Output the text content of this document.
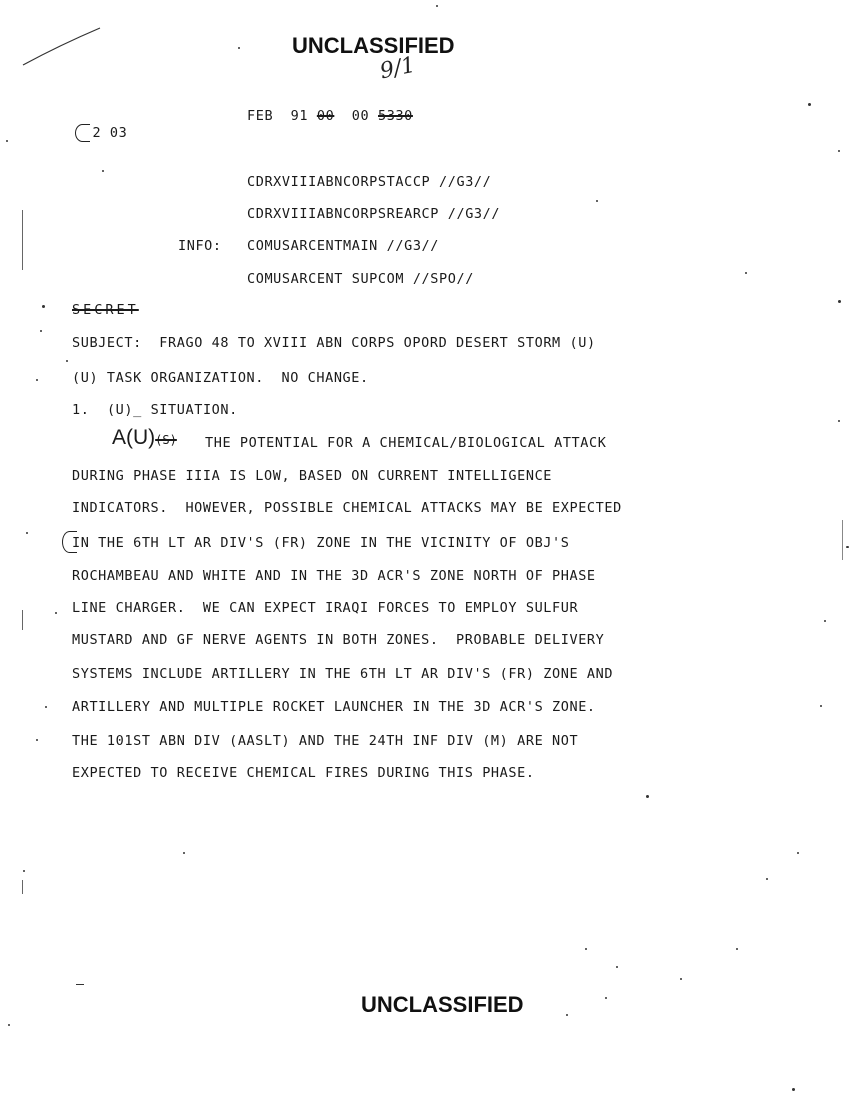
UNCLASSIFIED
9/1

2 03

FEB 91 00 00 5330
CDRXVIIIABNCORPSTACCP //G3//
CDRXVIIIABNCORPSREARCP //G3//
INFO: COMUSARCENTMAIN //G3//
COMUSARCENT SUPCOM //SPO//
SECRET
SUBJECT: FRAGO 48 TO XVIII ABN CORPS OPORD DESERT STORM (U)
(U) TASK ORGANIZATION.  NO CHANGE.
1. (U)_ SITUATION.
A(U)(S) THE POTENTIAL FOR A CHEMICAL/BIOLOGICAL ATTACK
DURING PHASE IIIA IS LOW, BASED ON CURRENT INTELLIGENCE
INDICATORS.  HOWEVER, POSSIBLE CHEMICAL ATTACKS MAY BE EXPECTED
IN THE 6TH LT AR DIV'S (FR) ZONE IN THE VICINITY OF OBJ'S
ROCHAMBEAU AND WHITE AND IN THE 3D ACR'S ZONE NORTH OF PHASE
LINE CHARGER.  WE CAN EXPECT IRAQI FORCES TO EMPLOY SULFUR
MUSTARD AND GF NERVE AGENTS IN BOTH ZONES.  PROBABLE DELIVERY
SYSTEMS INCLUDE ARTILLERY IN THE 6TH LT AR DIV'S (FR) ZONE AND
ARTILLERY AND MULTIPLE ROCKET LAUNCHER IN THE 3D ACR'S ZONE.
THE 101ST ABN DIV (AASLT) AND THE 24TH INF DIV (M) ARE NOT
EXPECTED TO RECEIVE CHEMICAL FIRES DURING THIS PHASE.
UNCLASSIFIED
